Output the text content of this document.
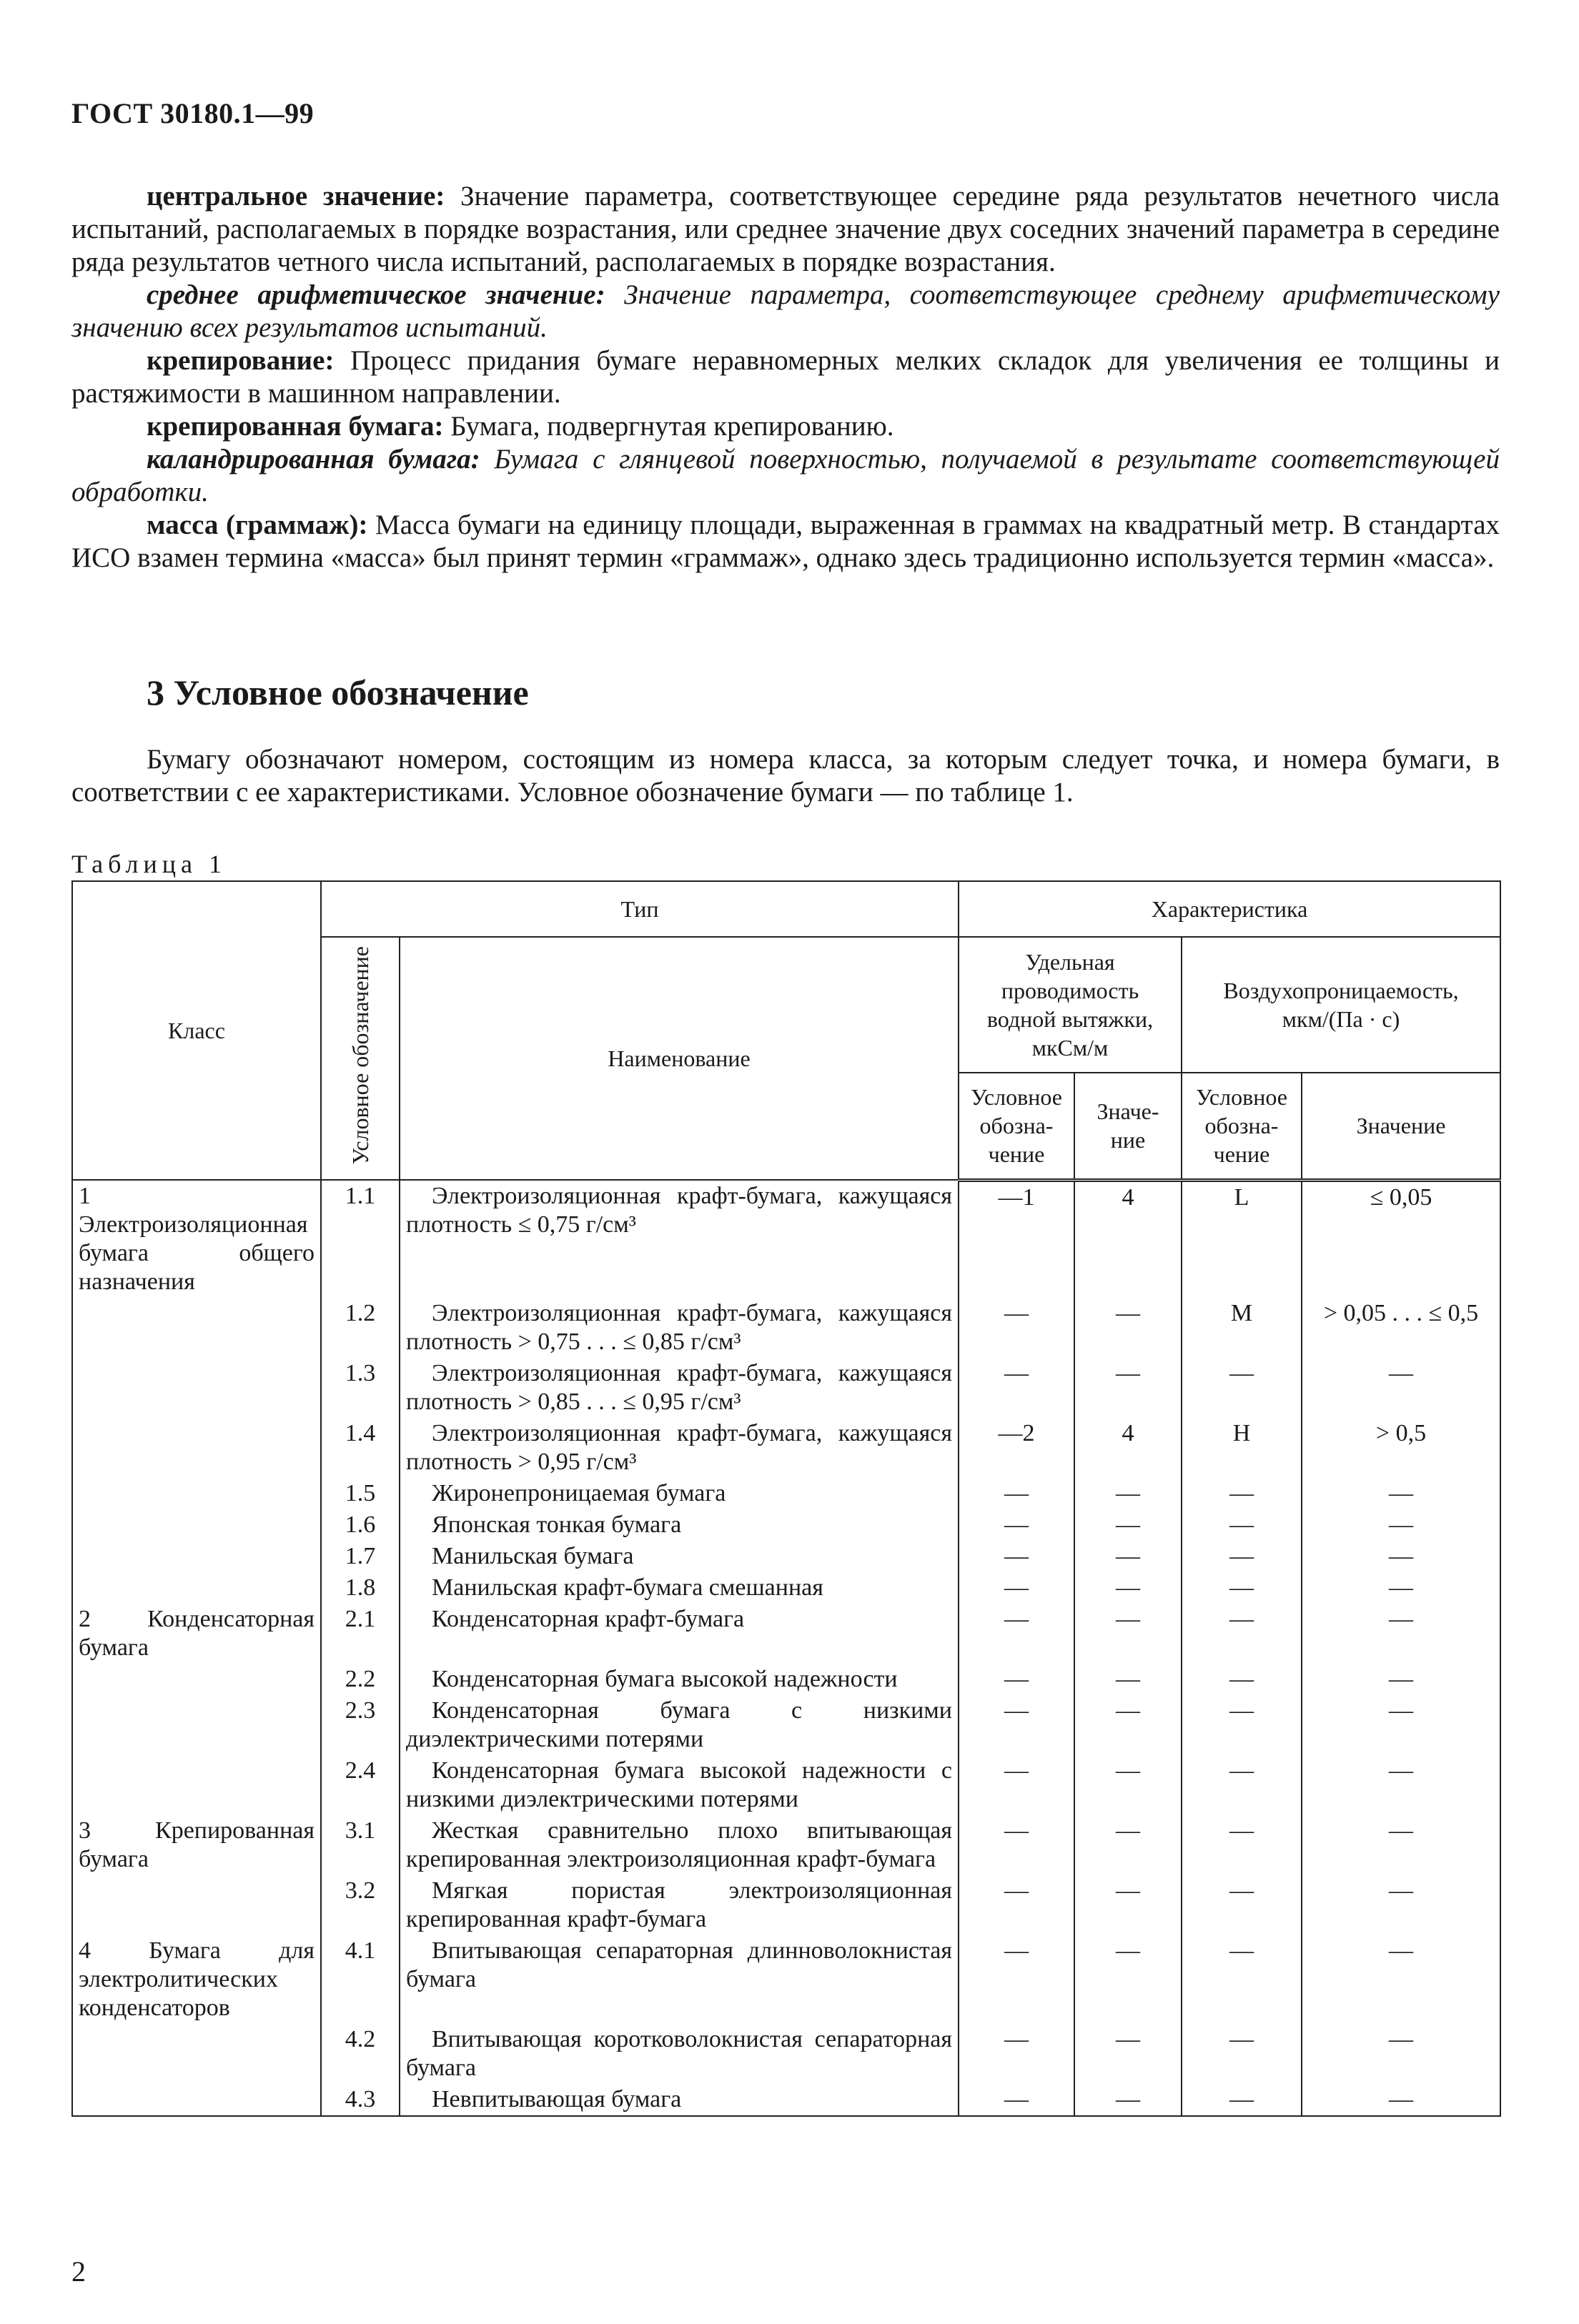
ГОСТ 30180.1—99

центральное значение: Значение параметра, соответствующее середине ряда результатов нечетного числа испытаний, располагаемых в порядке возрастания, или среднее значение двух соседних значений параметра в середине ряда результатов четного числа испытаний, располагаемых в порядке возрастания.

среднее арифметическое значение: Значение параметра, соответствующее среднему арифметическому значению всех результатов испытаний.

крепирование: Процесс придания бумаге неравномерных мелких складок для увеличения ее толщины и растяжимости в машинном направлении.

крепированная бумага: Бумага, подвергнутая крепированию.

каландрированная бумага: Бумага с глянцевой поверхностью, получаемой в результате соответствующей обработки.

масса (граммаж): Масса бумаги на единицу площади, выраженная в граммах на квадратный метр. В стандартах ИСО взамен термина «масса» был принят термин «граммаж», однако здесь традиционно используется термин «масса».

3 Условное обозначение

Бумагу обозначают номером, состоящим из номера класса, за которым следует точка, и номера бумаги, в соответствии с ее характеристиками. Условное обозначение бумаги — по таблице 1.

Таблица 1
Класс	Тип		Характеристика			
	Условное обозначение	Наименование	Удельная проводимость водной вытяжки, мкСм/м		Воздухопроницаемость, мкм/(Па · с)	
			Условное обозна-чение	Значе-ние	Условное обозна-чение	Значение
1 Электроизоляционная бумага общего назначения	1.1	Электроизоляционная крафт-бумага, кажущаяся плотность ≤ 0,75 г/см³	—1	4	L	≤ 0,05
	1.2	Электроизоляционная крафт-бумага, кажущаяся плотность > 0,75 . . . ≤ 0,85 г/см³	—	—	M	> 0,05 . . . ≤ 0,5
	1.3	Электроизоляционная крафт-бумага, кажущаяся плотность > 0,85 . . . ≤ 0,95 г/см³	—	—	—	—
	1.4	Электроизоляционная крафт-бумага, кажущаяся плотность > 0,95 г/см³	—2	4	H	> 0,5
	1.5	Жиронепроницаемая бумага	—	—	—	—
	1.6	Японская тонкая бумага	—	—	—	—
	1.7	Манильская бумага	—	—	—	—
	1.8	Манильская крафт-бумага смешанная	—	—	—	—
2 Конденсаторная бумага	2.1	Конденсаторная крафт-бумага	—	—	—	—
	2.2	Конденсаторная бумага высокой надежности	—	—	—	—
	2.3	Конденсаторная бумага с низкими диэлектрическими потерями	—	—	—	—
	2.4	Конденсаторная бумага высокой надежности с низкими диэлектрическими потерями	—	—	—	—
3 Крепированная бумага	3.1	Жесткая сравнительно плохо впитывающая крепированная электроизоляционная крафт-бумага	—	—	—	—
	3.2	Мягкая пористая электроизоляционная крепированная крафт-бумага	—	—	—	—
4 Бумага для электролитических конденсаторов	4.1	Впитывающая сепараторная длинноволокнистая бумага	—	—	—	—
	4.2	Впитывающая коротковолокнистая сепараторная бумага	—	—	—	—
	4.3	Невпитывающая бумага	—	—	—	—
2
